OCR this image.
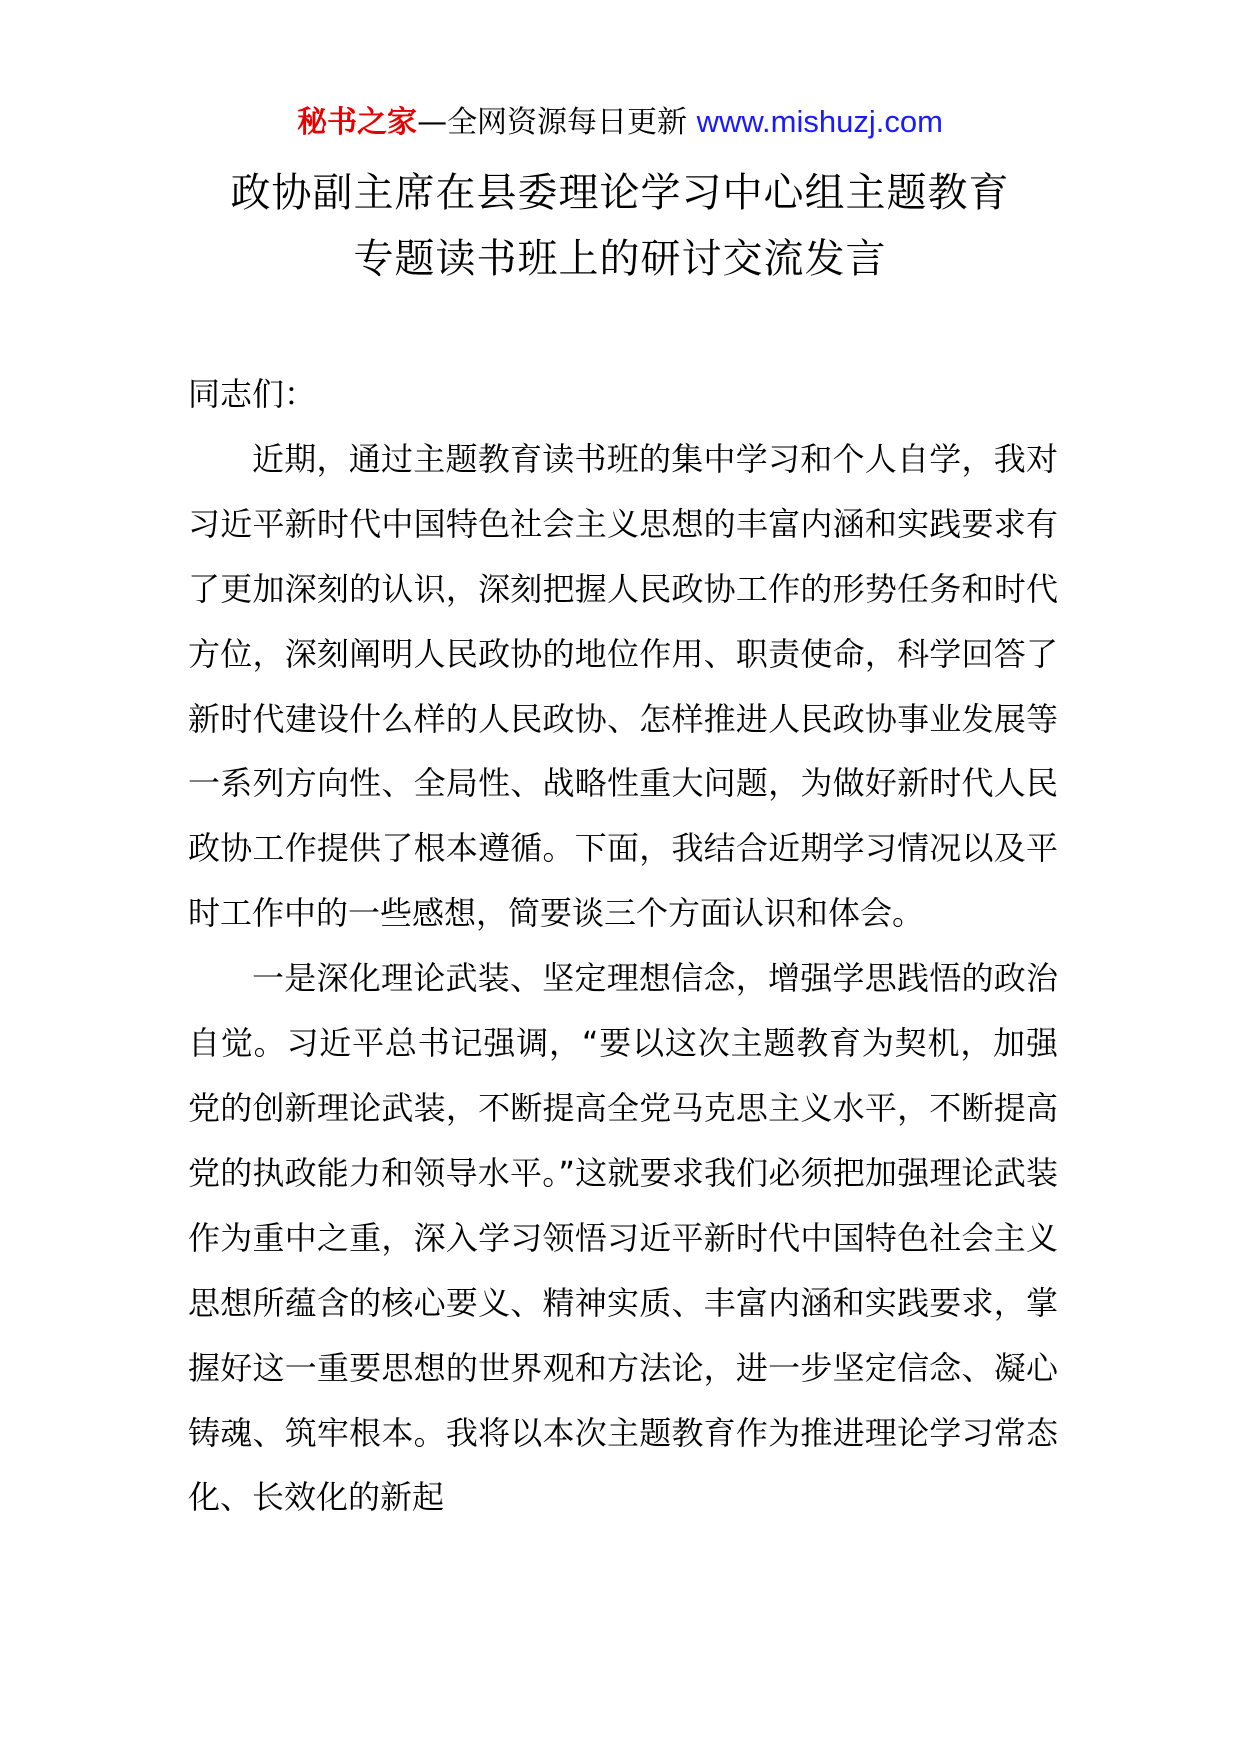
秘书之家—全网资源每日更新 www.mishuzj.com
政协副主席在县委理论学习中心组主题教育
专题读书班上的研讨交流发言

同志们：

近期，通过主题教育读书班的集中学习和个人自学，我对习近平新时代中国特色社会主义思想的丰富内涵和实践要求有了更加深刻的认识，深刻把握人民政协工作的形势任务和时代方位，深刻阐明人民政协的地位作用、职责使命，科学回答了新时代建设什么样的人民政协、怎样推进人民政协事业发展等一系列方向性、全局性、战略性重大问题，为做好新时代人民政协工作提供了根本遵循。下面，我结合近期学习情况以及平时工作中的一些感想，简要谈三个方面认识和体会。

一是深化理论武装、坚定理想信念，增强学思践悟的政治自觉。习近平总书记强调，“要以这次主题教育为契机，加强党的创新理论武装，不断提高全党马克思主义水平，不断提高党的执政能力和领导水平。”这就要求我们必须把加强理论武装作为重中之重，深入学习领悟习近平新时代中国特色社会主义思想所蕴含的核心要义、精神实质、丰富内涵和实践要求，掌握好这一重要思想的世界观和方法论，进一步坚定信念、凝心铸魂、筑牢根本。我将以本次主题教育作为推进理论学习常态化、长效化的新起
